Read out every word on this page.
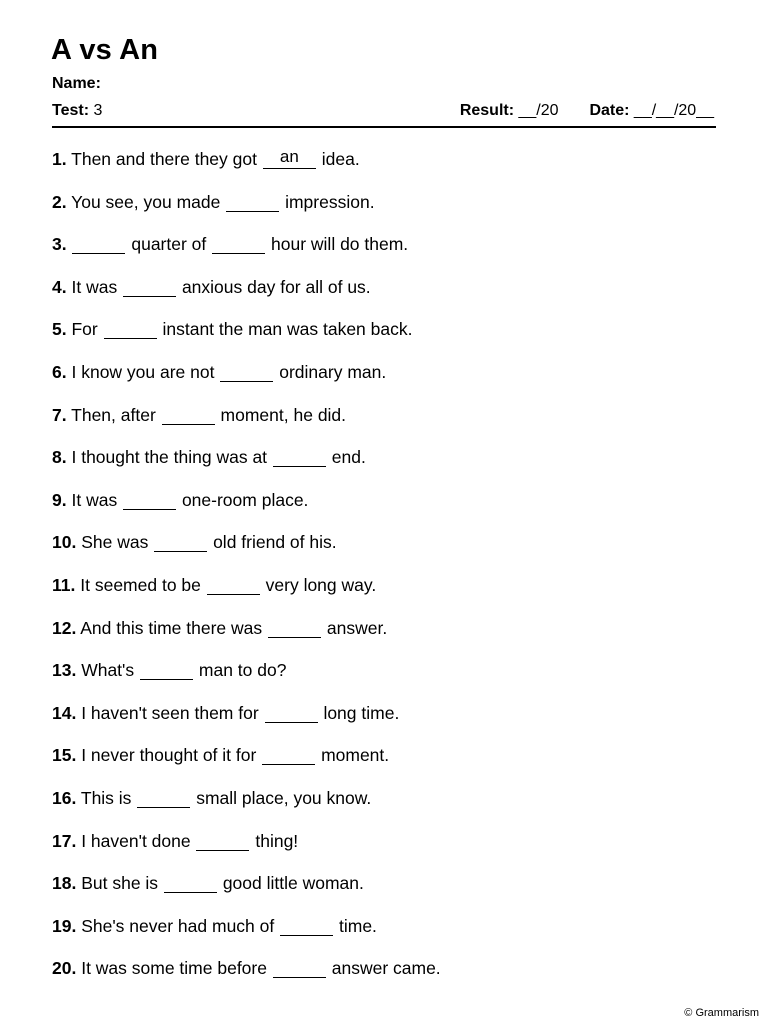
A vs An
Name:
Test: 3	Result: __/20 Date: __/__/20__
1. Then and there they got an idea.
2. You see, you made	impression.
3.	quarter of	hour will do them.
4. It was	anxious day for all of us.
5. For	instant the man was taken back.
6. I know you are not	ordinary man.
7. Then, after	moment, he did.
8. I thought the thing was at	end.
9. It was	one-room place.
10. She was	old friend of his.
11. It seemed to be	very long way.
12. And this time there was	answer.
13. What's	man to do?
14. I haven't seen them for	long time.
15. I never thought of it for	moment.
16. This is	small place, you know.
17. I haven't done	thing!
18. But she is	good little woman.
19. She's never had much of	time.
20. It was some time before	answer came.
© Grammarism
